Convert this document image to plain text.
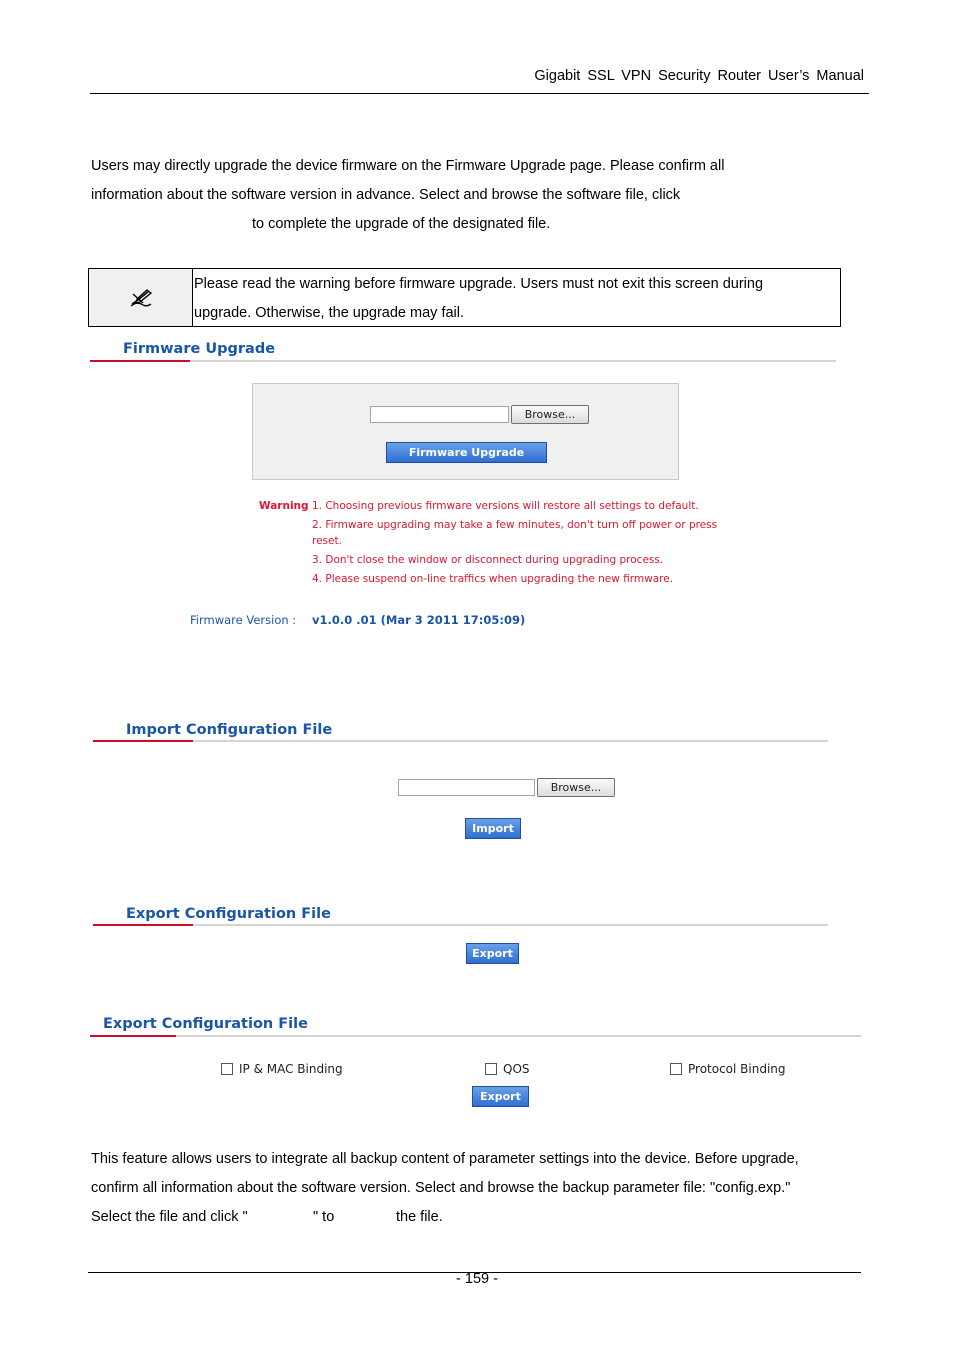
Gigabit SSL VPN Security Router User’s Manual
Users may directly upgrade the device firmware on the Firmware Upgrade page. Please confirm all
information about the software version in advance. Select and browse the software file, click
to complete the upgrade of the designated file.
Please read the warning before firmware upgrade. Users must not exit this screen during
upgrade. Otherwise, the upgrade may fail.
Firmware Upgrade
Browse...
Firmware Upgrade
Warning 1. Choosing previous firmware versions will restore all settings to default.
2. Firmware upgrading may take a few minutes, don't turn off power or press
reset.
3. Don't close the window or disconnect during upgrading process.
4. Please suspend on-line traffics when upgrading the new firmware.
Firmware Version : v1.0.0 .01 (Mar 3 2011 17:05:09)
Import Configuration File
Browse...
Import
Export Configuration File
Export
Export Configuration File
IP & MAC Binding	QOS	Protocol Binding
Export
This feature allows users to integrate all backup content of parameter settings into the device. Before upgrade,
confirm all information about the software version. Select and browse the backup parameter file: "config.exp."
Select the file and click "	" to	the file.
- 159 -
